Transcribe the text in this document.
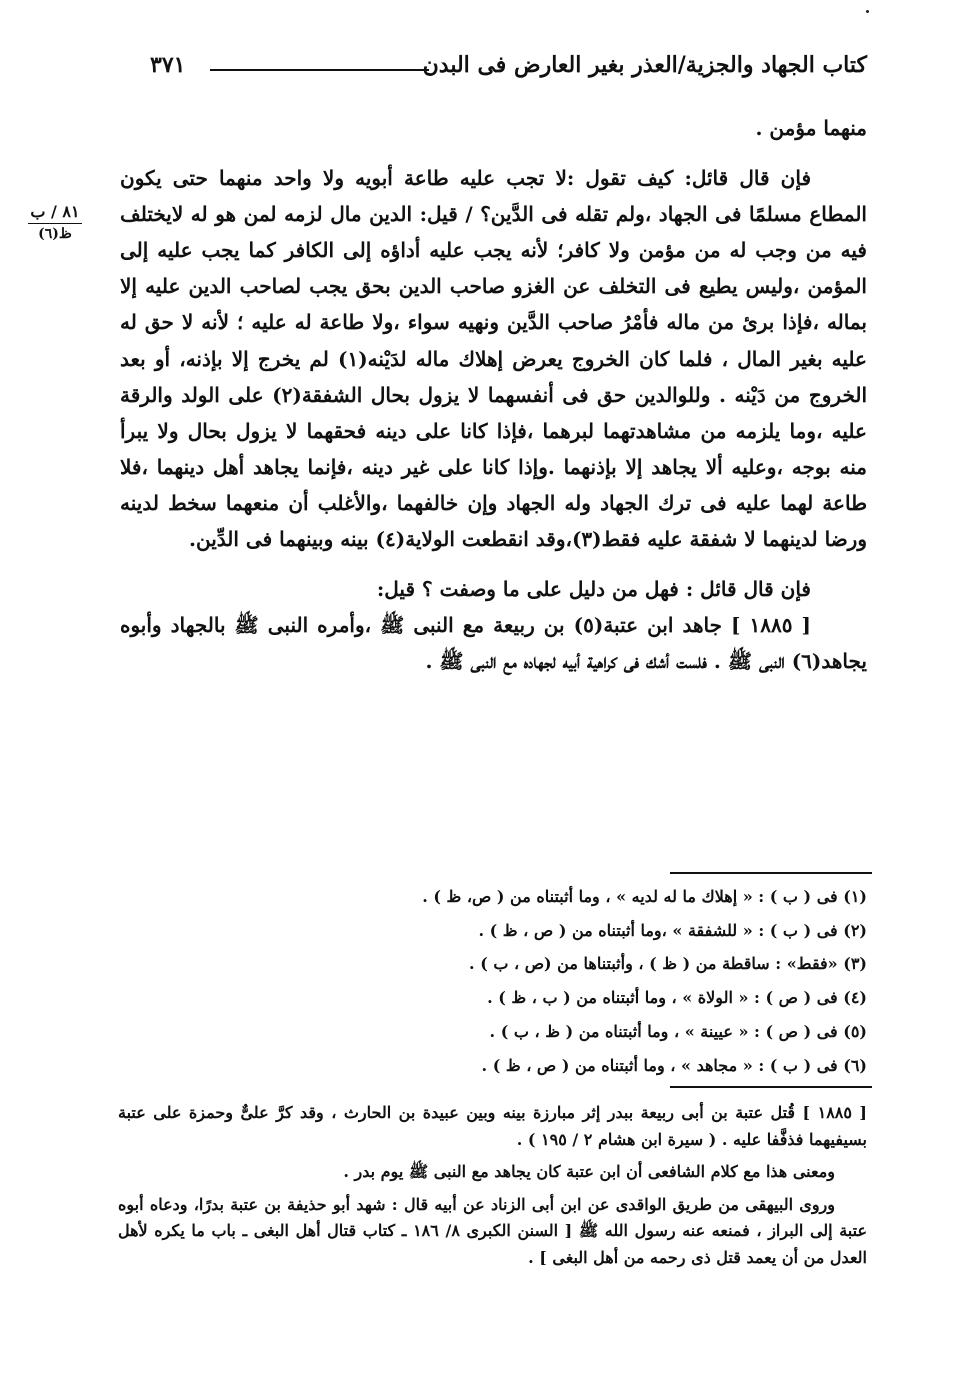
كتاب الجهاد والجزية/العذر بغير العارض فى البدن
٣٧١
٨١ / ب
ظ(٦)

منهما مؤمن .

فإن قال قائل: كيف تقول :لا تجب عليه طاعة أبويه ولا واحد منهما حتى يكون المطاع مسلمًا فى الجهاد ،ولم تقله فى الدَّين؟ / قيل: الدين مال لزمه لمن هو له لايختلف فيه من وجب له من مؤمن ولا كافر؛ لأنه يجب عليه أداؤه إلى الكافر كما يجب عليه إلى المؤمن ،وليس يطيع فى التخلف عن الغزو صاحب الدين بحق يجب لصاحب الدين عليه إلا بماله ،فإذا برئ من ماله فأمْرُ صاحب الدَّين ونهيه سواء ،ولا طاعة له عليه ؛ لأنه لا حق له عليه بغير المال ، فلما كان الخروج يعرض إهلاك ماله لدَيْنه(١) لم يخرج إلا بإذنه، أو بعد الخروج من دَيْنه . وللوالدين حق فى أنفسهما لا يزول بحال الشفقة(٢) على الولد والرقة عليه ،وما يلزمه من مشاهدتهما لبرهما ،فإذا كانا على دينه فحقهما لا يزول بحال ولا يبرأ منه بوجه ،وعليه ألا يجاهد إلا بإذنهما .وإذا كانا على غير دينه ،فإنما يجاهد أهل دينهما ،فلا طاعة لهما عليه فى ترك الجهاد وله الجهاد وإن خالفهما ،والأغلب أن منعهما سخط لدينه ورضا لدينهما لا شفقة عليه فقط(٣)،وقد انقطعت الولاية(٤) بينه وبينهما فى الدِّين.

فإن قال قائل : فهل من دليل على ما وصفت ؟ قيل:

[ ١٨٨٥ ] جاهد ابن عتبة(٥) بن ربيعة مع النبى ﷺ ،وأمره النبى ﷺ بالجهاد وأبوه يجاهد(٦) النبى ﷺ . فلست أشك فى كراهية أبيه لجهاده مع النبى ﷺ .

(١) فى ( ب ) : « إهلاك ما له لديه » ، وما أثبتناه من ( ص، ظ ) .
(٢) فى ( ب ) : « للشفقة » ،وما أثبتناه من ( ص ، ظ ) .
(٣) «فقط» : ساقطة من ( ظ ) ، وأثبتناها من (ص ، ب ) .
(٤) فى ( ص ) : « الولاة » ، وما أثبتناه من ( ب ، ظ ) .
(٥) فى ( ص ) : « عيينة » ، وما أثبتناه من ( ظ ، ب ) .
(٦) فى ( ب ) : « مجاهد » ، وما أثبتناه من ( ص ، ظ ) .

[ ١٨٨٥ ] قُتل عتبة بن أبى ربيعة ببدر إثر مبارزة بينه وبين عبيدة بن الحارث ، وقد كرَّ علىٌّ وحمزة على عتبة بسيفيهما فذفَّفا عليه . ( سيرة ابن هشام ٢ / ١٩٥ ) .

ومعنى هذا مع كلام الشافعى أن ابن عتبة كان يجاهد مع النبى ﷺ يوم بدر .

وروى البيهقى من طريق الواقدى عن ابن أبى الزناد عن أبيه قال : شهد أبو حذيفة بن عتبة بدرًا، ودعاه أبوه عتبة إلى البراز ، فمنعه عنه رسول الله ﷺ [ السنن الكبرى ٨/ ١٨٦ ـ كتاب قتال أهل البغى ـ باب ما يكره لأهل العدل من أن يعمد قتل ذى رحمه من أهل البغى ] .
